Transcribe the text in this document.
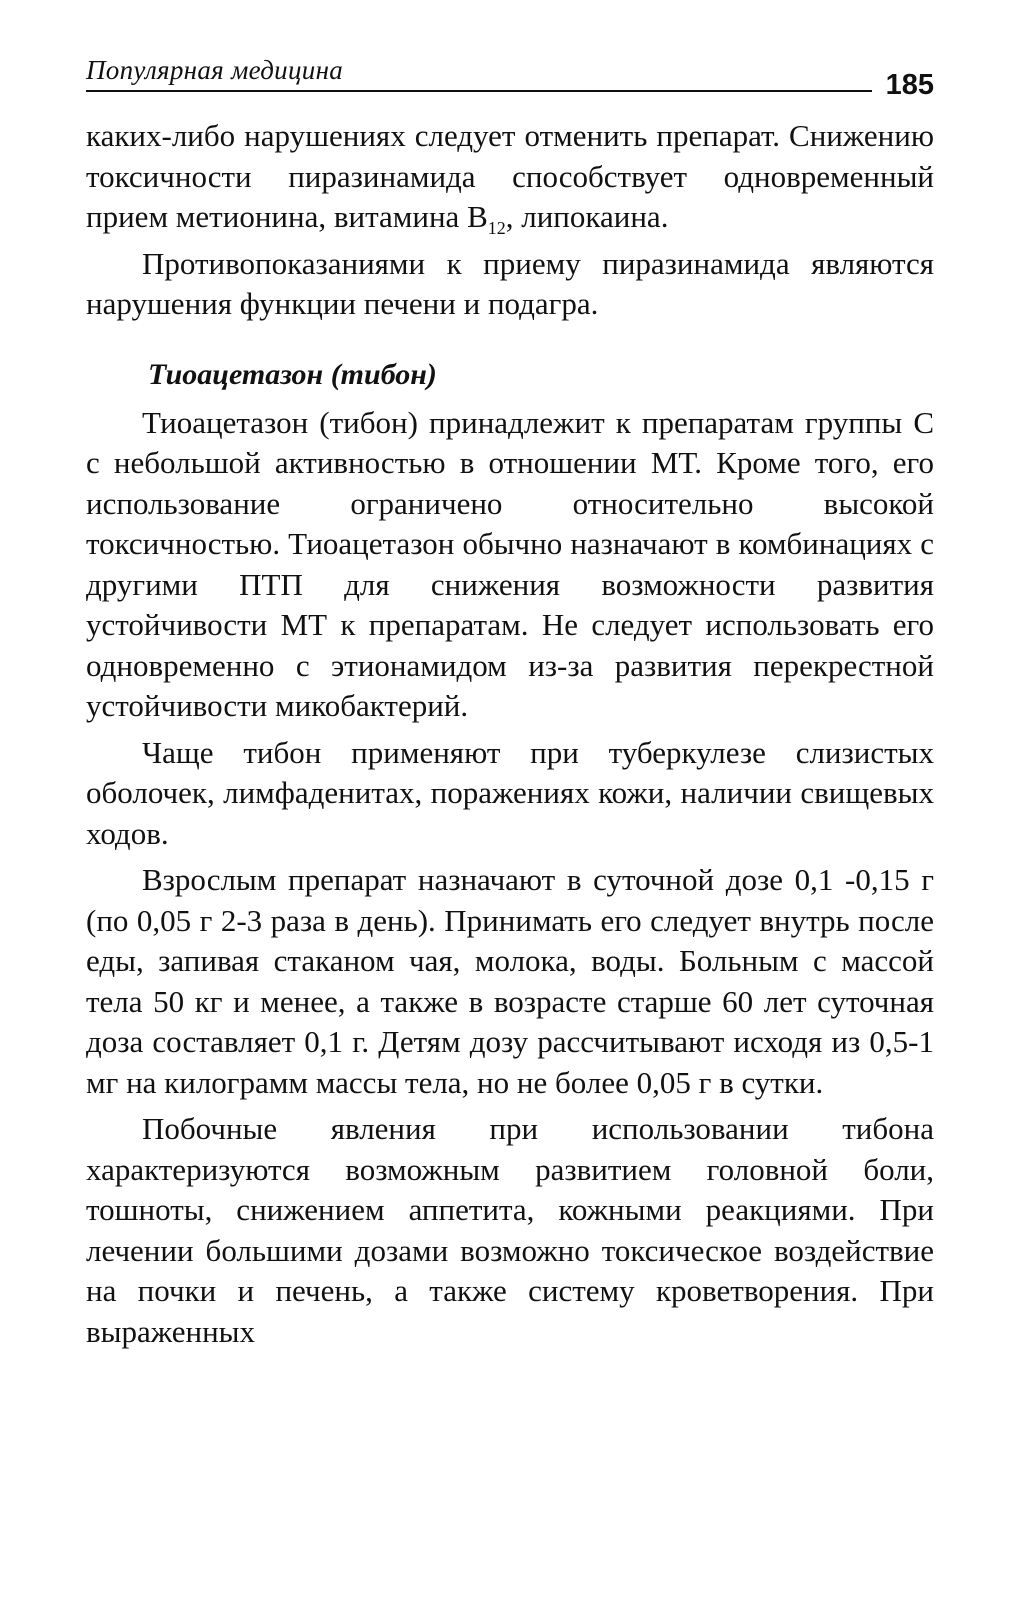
Популярная медицина	185

каких-либо нарушениях следует отменить препарат. Снижению токсичности пиразинамида способствует одновременный прием метионина, витамина $B_{12}$, липокаина.

Противопоказаниями к приему пиразинамида являются нарушения функции печени и подагра.

Тиоацетазон (тибон)

Тиоацетазон (тибон) принадлежит к препаратам группы С с небольшой активностью в отношении МТ. Кроме того, его использование ограничено относительно высокой токсичностью. Тиоацетазон обычно назначают в комбинациях с другими ПТП для снижения возможности развития устойчивости МТ к препаратам. Не следует использовать его одновременно с этионамидом из-за развития перекрестной устойчивости микобактерий.

Чаще тибон применяют при туберкулезе слизистых оболочек, лимфаденитах, поражениях кожи, наличии свищевых ходов.

Взрослым препарат назначают в суточной дозе 0,1 -0,15 г (по 0,05 г 2-3 раза в день). Принимать его следует внутрь после еды, запивая стаканом чая, молока, воды. Больным с массой тела 50 кг и менее, а также в возрасте старше 60 лет суточная доза составляет 0,1 г. Детям дозу рассчитывают исходя из 0,5-1 мг на килограмм массы тела, но не более 0,05 г в сутки.

Побочные явления при использовании тибона характеризуются возможным развитием головной боли, тошноты, снижением аппетита, кожными реакциями. При лечении большими дозами возможно токсическое воздействие на почки и печень, а также систему кроветворения. При выраженных
